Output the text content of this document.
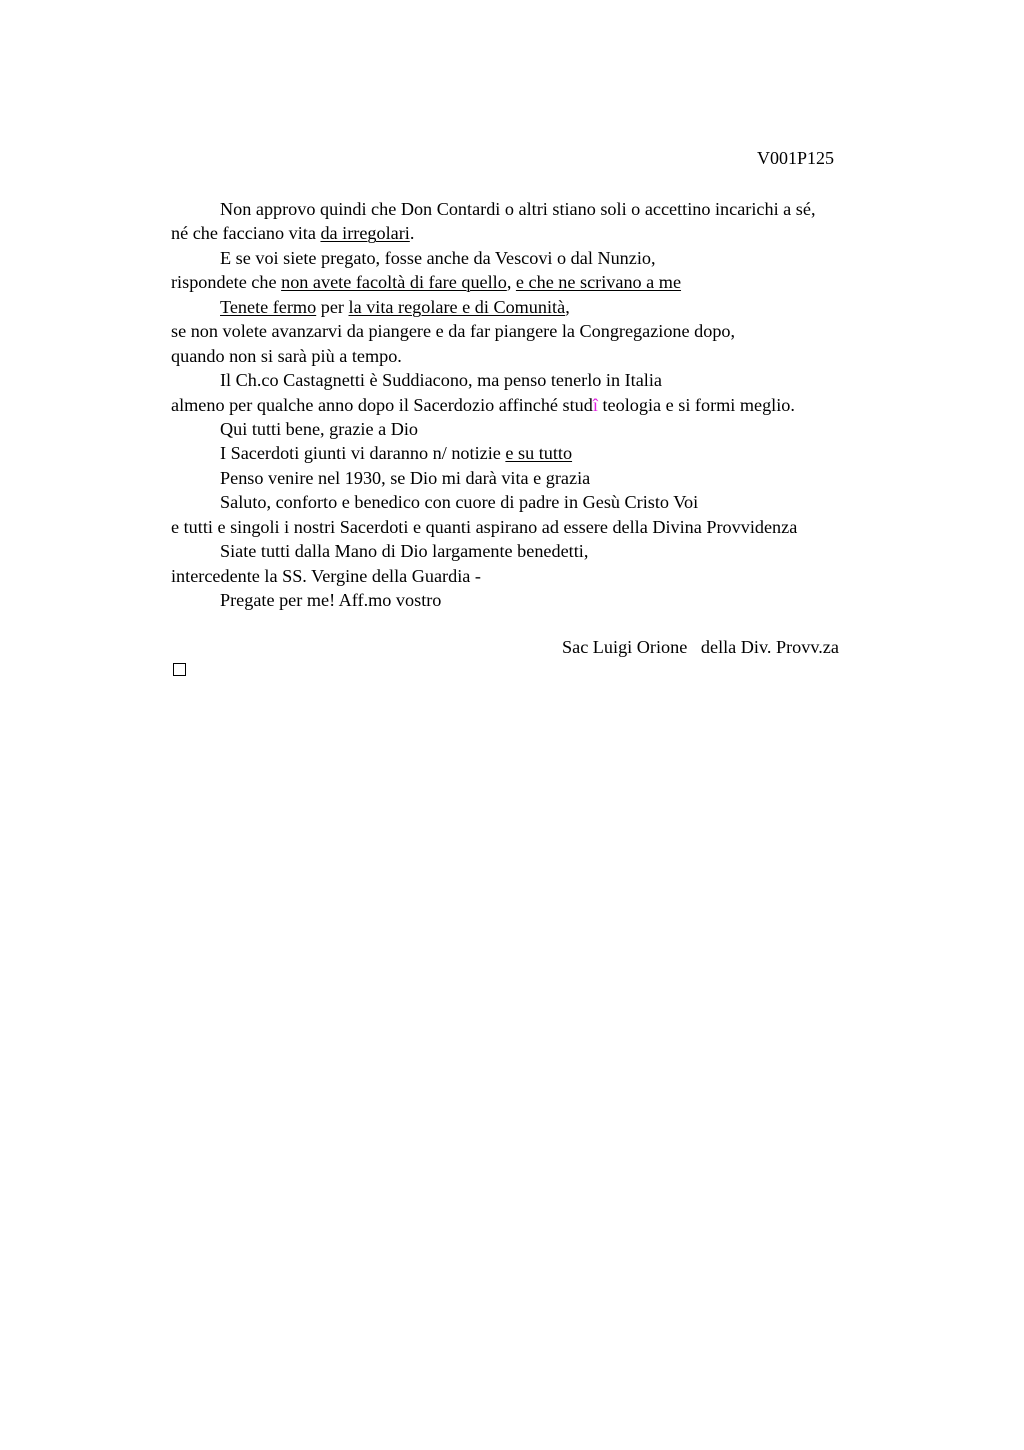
V001P125
Non approvo quindi che Don Contardi o altri stiano soli o accettino incarichi a sé,
né che facciano vita da irregolari.
E se voi siete pregato, fosse anche da Vescovi o dal Nunzio,
rispondete che non avete facoltà di fare quello, e che ne scrivano a me
Tenete fermo per la vita regolare e di Comunità,
se non volete avanzarvi da piangere e da far piangere la Congregazione dopo,
quando non si sarà più a tempo.
Il Ch.co Castagnetti è Suddiacono, ma penso tenerlo in Italia
almeno per qualche anno dopo il Sacerdozio affinché studî teologia e si formi meglio.
Qui tutti bene, grazie a Dio
I Sacerdoti giunti vi daranno n/ notizie e su tutto
Penso venire nel 1930, se Dio mi darà vita e grazia
Saluto, conforto e benedico con cuore di padre in Gesù Cristo Voi
e tutti e singoli i nostri Sacerdoti e quanti aspirano ad essere della Divina Provvidenza
Siate tutti dalla Mano di Dio largamente benedetti,
intercedente la SS. Vergine della Guardia -
Pregate per me! Aff.mo vostro
Sac Luigi Orione   della Div. Provv.za
